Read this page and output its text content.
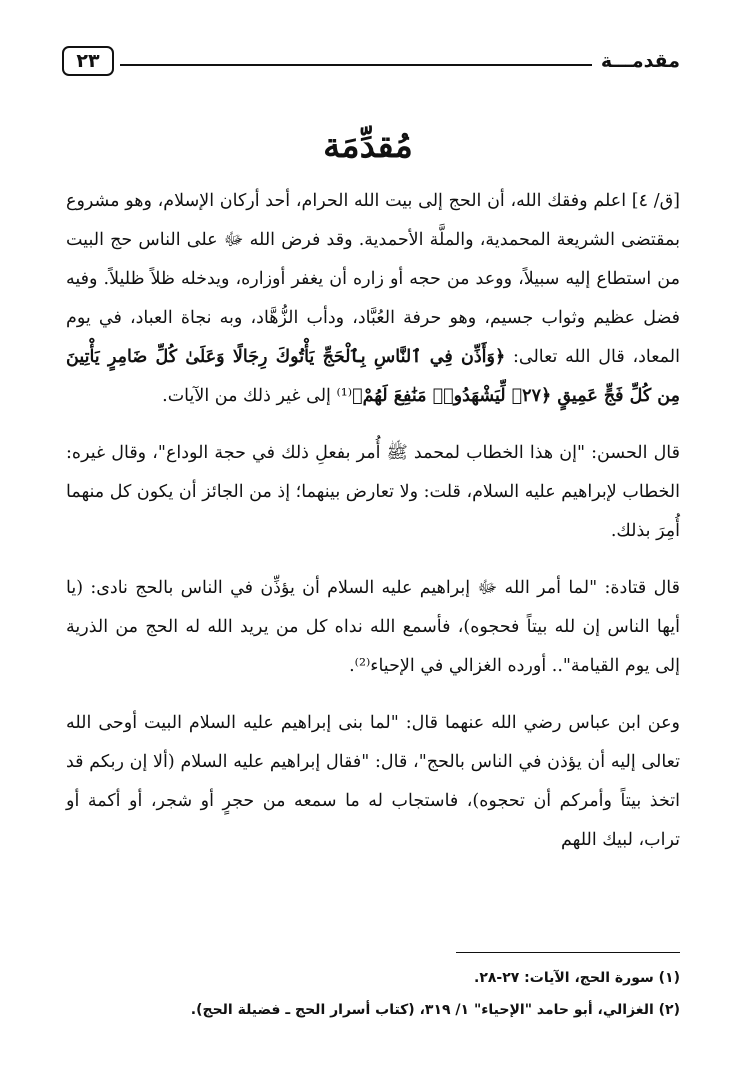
مقدمـــة
٢٣
مُقدِّمَة

[ق/ ٤] اعلم وفقك الله، أن الحج إلى بيت الله الحرام، أحد أركان الإسلام، وهو مشروع بمقتضى الشريعة المحمدية، والملَّة الأحمدية. وقد فرض الله ﷻ على الناس حج البيت من استطاع إليه سبيلاً، ووعد من حجه أو زاره أن يغفر أوزاره، ويدخله ظلاً ظليلاً. وفيه فضل عظيم وثواب جسيم، وهو حرفة العُبَّاد، ودأب الزُّهَّاد، وبه نجاة العباد، في يوم المعاد، قال الله تعالى: ﴿وَأَذِّن فِي ٱلنَّاسِ بِٱلْحَجِّ يَأْتُوكَ رِجَالًا وَعَلَىٰ كُلِّ ضَامِرٍ يَأْتِينَ مِن كُلِّ فَجٍّ عَمِيقٍ ﴿٢٧﴾ لِّيَشْهَدُوا۟ مَنَٰفِعَ لَهُمْ﴾⁽¹⁾ إلى غير ذلك من الآيات.

قال الحسن: "إن هذا الخطاب لمحمد ﷺ أُمر بفعلِ ذلك في حجة الوداع"، وقال غيره: الخطاب لإبراهيم عليه السلام، قلت: ولا تعارض بينهما؛ إذ من الجائز أن يكون كل منهما أُمِرَ بذلك.

قال قتادة: "لما أمر الله ﷻ إبراهيم عليه السلام أن يؤذِّن في الناس بالحج نادى: (يا أيها الناس إن لله بيتاً فحجوه)، فأسمع الله نداه كل من يريد الله له الحج من الذرية إلى يوم القيامة".. أورده الغزالي في الإحياء⁽²⁾.

وعن ابن عباس رضي الله عنهما قال: "لما بنى إبراهيم عليه السلام البيت أوحى الله تعالى إليه أن يؤذن في الناس بالحج"، قال: "فقال إبراهيم عليه السلام (ألا إن ربكم قد اتخذ بيتاً وأمركم أن تحجوه)، فاستجاب له ما سمعه من حجرٍ أو شجر، أو أكمة أو تراب، لبيك اللهم

(١) سورة الحج، الآيات: ٢٧-٢٨.

(٢) الغزالي، أبو حامد "الإحياء" ١/ ٣١٩، (كتاب أسرار الحج ـ فضيلة الحج).
